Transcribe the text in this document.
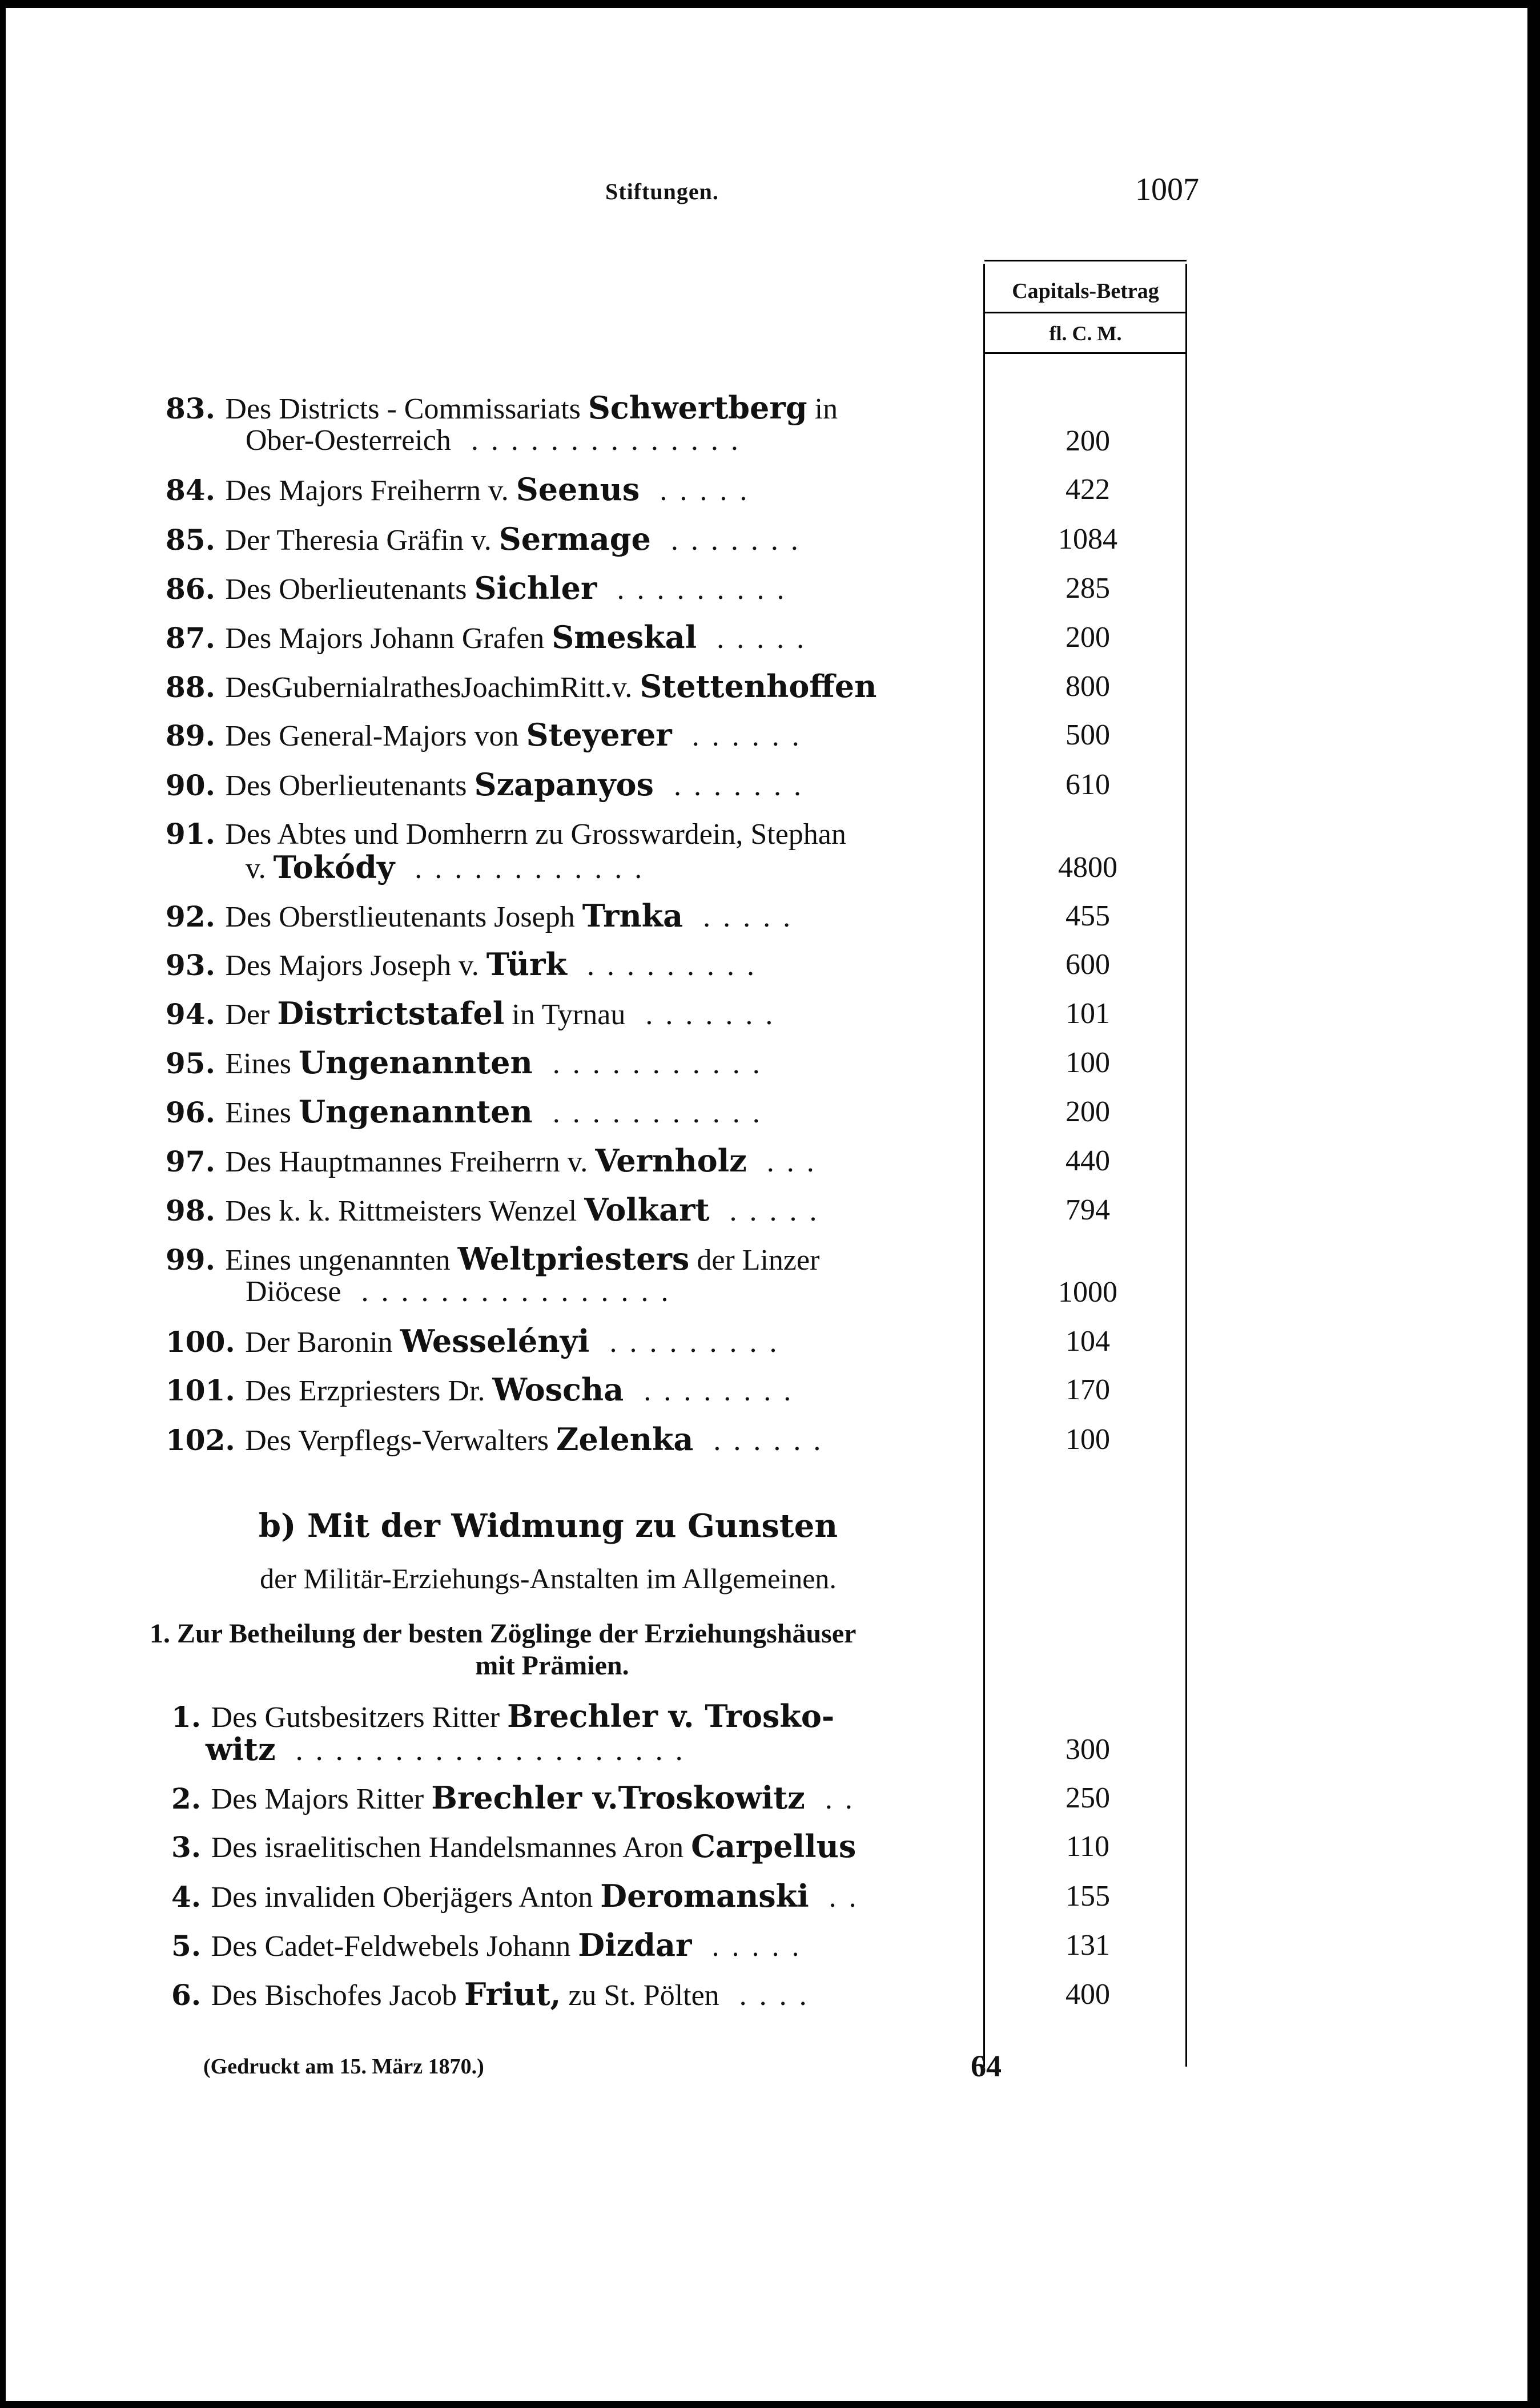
Stiftungen.	1007
Capitals-Betrag
fl. C. M.
83. Des Districts - Commissariats Schwertberg in
Ober-Oesterreich ..............	200
84. Des Majors Freiherrn v. Seenus .....	422
85. Der Theresia Gräfin v. Sermage .......	1084
86. Des Oberlieutenants Sichler .........	285
87. Des Majors Johann Grafen Smeskal .....	200
88. DesGubernialrathesJoachimRitt.v. Stettenhoffen	800
89. Des General-Majors von Steyerer ......	500
90. Des Oberlieutenants Szapanyos .......	610
91. Des Abtes und Domherrn zu Grosswardein, Stephan
v. Tokódy ............	4800
92. Des Oberstlieutenants Joseph Trnka .....	455
93. Des Majors Joseph v. Türk .........	600
94. Der Districtstafel in Tyrnau .......	101
95. Eines Ungenannten ...........	100
96. Eines Ungenannten ...........	200
97. Des Hauptmannes Freiherrn v. Vernholz ...	440
98. Des k. k. Rittmeisters Wenzel Volkart .....	794
99. Eines ungenannten Weltpriesters der Linzer
Diöcese ................	1000
100. Der Baronin Wesselényi .........	104
101. Des Erzpriesters Dr. Woscha ........	170
102. Des Verpflegs-Verwalters Zelenka ......	100
b) Mit der Widmung zu Gunsten
der Militär-Erziehungs-Anstalten im Allgemeinen.
1. Zur Betheilung der besten Zöglinge der Erziehungshäuser
mit Prämien.
1. Des Gutsbesitzers Ritter Brechler v. Trosko-
witz ....................	300
2. Des Majors Ritter Brechler v.Troskowitz ..	250
3. Des israelitischen Handelsmannes Aron Carpellus	110
4. Des invaliden Oberjägers Anton Deromanski ..	155
5. Des Cadet-Feldwebels Johann Dizdar .....	131
6. Des Bischofes Jacob Friut, zu St. Pölten ....	400
(Gedruckt am 15. März 1870.)	64
